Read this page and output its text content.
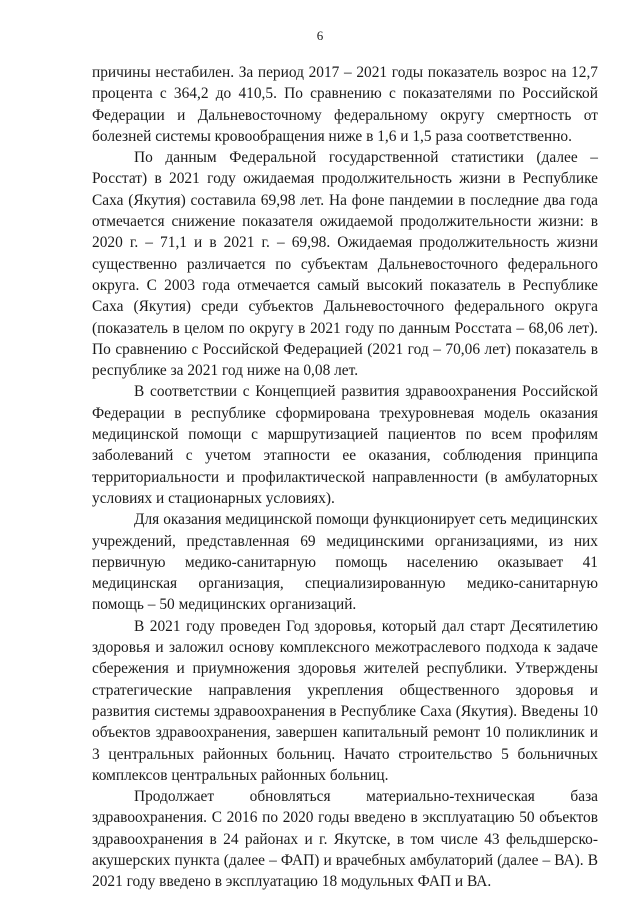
6

причины нестабилен. За период 2017 – 2021 годы показатель возрос на 12,7 процента с 364,2 до 410,5. По сравнению с показателями по Российской Федерации и Дальневосточному федеральному округу смертность от болезней системы кровообращения ниже в 1,6 и 1,5 раза соответственно.

По данным Федеральной государственной статистики (далее – Росстат) в 2021 году ожидаемая продолжительность жизни в Республике Саха (Якутия) составила 69,98 лет. На фоне пандемии в последние два года отмечается снижение показателя ожидаемой продолжительности жизни: в 2020 г. – 71,1 и в 2021 г. – 69,98. Ожидаемая продолжительность жизни существенно различается по субъектам Дальневосточного федерального округа. С 2003 года отмечается самый высокий показатель в Республике Саха (Якутия) среди субъектов Дальневосточного федерального округа (показатель в целом по округу в 2021 году по данным Росстата – 68,06 лет). По сравнению с Российской Федерацией (2021 год – 70,06 лет) показатель в республике за 2021 год ниже на 0,08 лет.

В соответствии с Концепцией развития здравоохранения Российской Федерации в республике сформирована трехуровневая модель оказания медицинской помощи с маршрутизацией пациентов по всем профилям заболеваний с учетом этапности ее оказания, соблюдения принципа территориальности и профилактической направленности (в амбулаторных условиях и стационарных условиях).

Для оказания медицинской помощи функционирует сеть медицинских учреждений, представленная 69 медицинскими организациями, из них первичную медико-санитарную помощь населению оказывает 41 медицинская организация, специализированную медико-санитарную помощь – 50 медицинских организаций.

В 2021 году проведен Год здоровья, который дал старт Десятилетию здоровья и заложил основу комплексного межотраслевого подхода к задаче сбережения и приумножения здоровья жителей республики. Утверждены стратегические направления укрепления общественного здоровья и развития системы здравоохранения в Республике Саха (Якутия). Введены 10 объектов здравоохранения, завершен капитальный ремонт 10 поликлиник и 3 центральных районных больниц. Начато строительство 5 больничных комплексов центральных районных больниц.

Продолжает обновляться материально-техническая база здравоохранения. С 2016 по 2020 годы введено в эксплуатацию 50 объектов здравоохранения в 24 районах и г. Якутске, в том числе 43 фельдшерско-акушерских пункта (далее – ФАП) и врачебных амбулаторий (далее – ВА). В 2021 году введено в эксплуатацию 18 модульных ФАП и ВА.
